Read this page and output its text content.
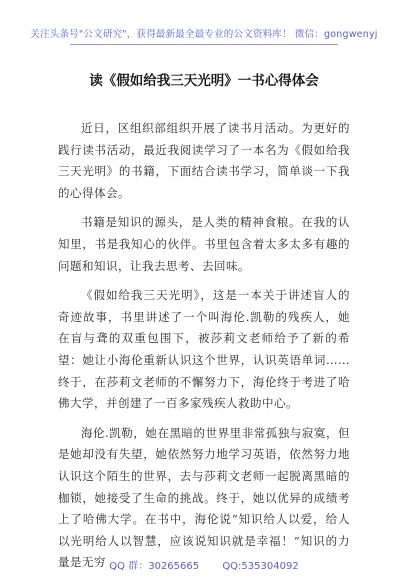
关注头条号"公文研究"，获得最新最全最专业的公文资料库！ 微信：gongwenyj
读《假如给我三天光明》一书心得体会

近日，区组织部组织开展了读书月活动。为更好的践行读书活动，最近我阅读学习了一本名为《假如给我三天光明》的书籍，下面结合读书学习，简单谈一下我的心得体会。

书籍是知识的源头，是人类的精神食粮。在我的认知里，书是我知心的伙伴。书里包含着太多太多有趣的问题和知识，让我去思考、去回味。

《假如给我三天光明》，这是一本关于讲述盲人的奇迹故事，书里讲述了一个叫海伦.凯勒的残疾人，她在盲与聋的双重包围下，被莎莉文老师给予了新的希望：她让小海伦重新认识这个世界，认识英语单词……终于，在莎莉文老师的不懈努力下，海伦终于考进了哈佛大学，并创建了一百多家残疾人救助中心。

海伦.凯勒，她在黑暗的世界里非常孤独与寂寞，但是她却没有失望，她依然努力地学习英语，依然努力地认识这个陌生的世界，去与莎莉文老师一起脱离黑暗的枷锁，她接受了生命的挑战。终于，她以优异的成绩考上了哈佛大学。在书中，海伦说“知识给人以爱，给人以光明给人以智慧，应该说知识就是幸福！”知识的力量是无穷 QQ 群：30265665 QQ:535304092
